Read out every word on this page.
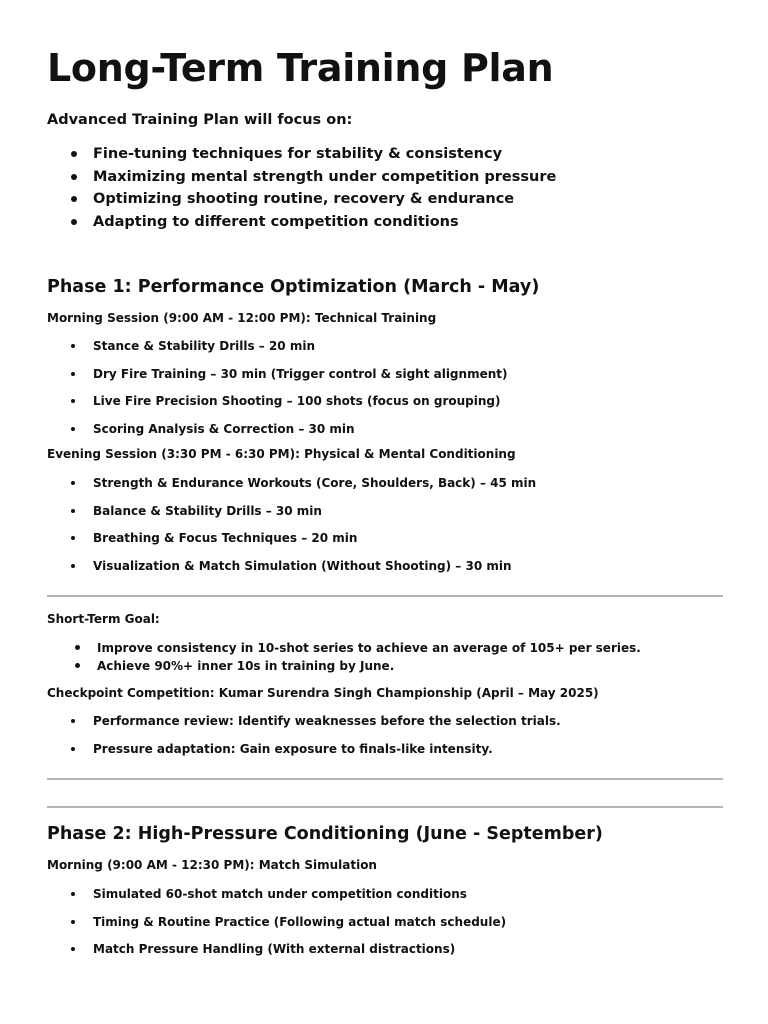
Long-Term Training Plan

Advanced Training Plan will focus on:

Fine-tuning techniques for stability & consistency
Maximizing mental strength under competition pressure
Optimizing shooting routine, recovery & endurance
Adapting to different competition conditions
Phase 1: Performance Optimization (March - May)

Morning Session (9:00 AM - 12:00 PM): Technical Training

Stance & Stability Drills – 20 min
Dry Fire Training – 30 min (Trigger control & sight alignment)
Live Fire Precision Shooting – 100 shots (focus on grouping)
Scoring Analysis & Correction – 30 min

Evening Session (3:30 PM - 6:30 PM): Physical & Mental Conditioning

Strength & Endurance Workouts (Core, Shoulders, Back) – 45 min
Balance & Stability Drills – 30 min
Breathing & Focus Techniques – 20 min
Visualization & Match Simulation (Without Shooting) – 30 min

Short-Term Goal:

Improve consistency in 10-shot series to achieve an average of 105+ per series.
Achieve 90%+ inner 10s in training by June.

Checkpoint Competition: Kumar Surendra Singh Championship (April – May 2025)

Performance review: Identify weaknesses before the selection trials.
Pressure adaptation: Gain exposure to finals-like intensity.
Phase 2: High-Pressure Conditioning (June - September)

Morning (9:00 AM - 12:30 PM): Match Simulation

Simulated 60-shot match under competition conditions
Timing & Routine Practice (Following actual match schedule)
Match Pressure Handling (With external distractions)
